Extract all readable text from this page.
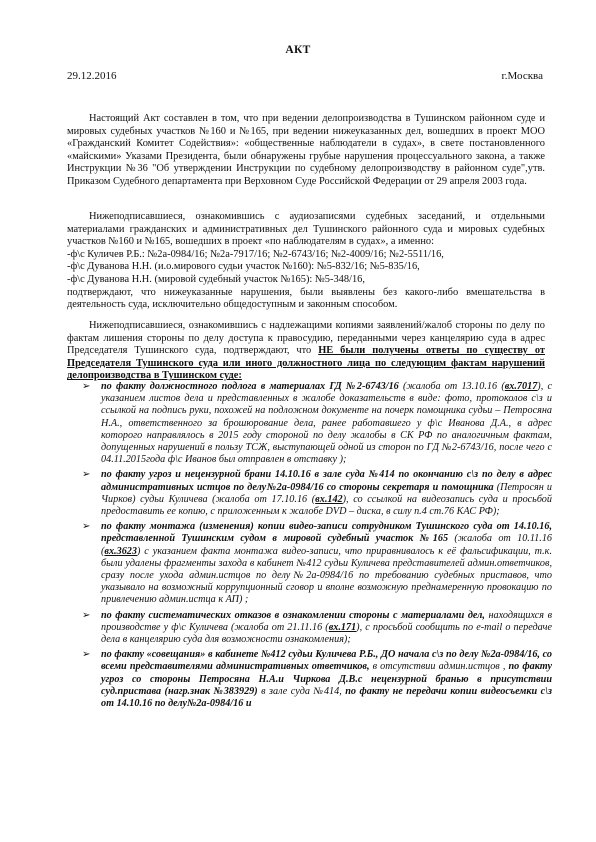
АКТ
29.12.2016	г.Москва

Настоящий Акт составлен в том, что при ведении делопроизводства в Тушинском районном суде и мировых судебных участков №160 и №165, при ведении нижеуказанных дел, вошедших в проект МОО «Гражданский Комитет Содействия»: «общественные наблюдатели в судах», в свете постановленного «майскими» Указами Президента, были обнаружены грубые нарушения процессуального закона, а также Инструкции №36 "Об утверждении Инструкции по судебному делопроизводству в районном суде",утв. Приказом Судебного департамента при Верховном Суде Российской Федерации от 29 апреля 2003 года.

Нижеподписавшиеся, ознакомившись с аудиозаписями судебных заседаний, и отдельными материалами гражданских и административных дел Тушинского районного суда и мировых судебных участков №160 и №165, вошедших в проект «по наблюдателям в судах», а именно:
-ф\с Куличев Р.Б.: №2а-0984/16; №2а-7917/16; №2-6743/16; №2-4009/16; №2-5511/16,
-ф\с Дуванова Н.Н. (и.о.мирового судьи участок №160): №5-832/16; №5-835/16,
-ф\с Дуванова Н.Н. (мировой судебный участок №165): №5-348/16,
подтверждают, что нижеуказанные нарушения, были выявлены без какого-либо вмешательства в деятельность суда, исключительно общедоступным и законным способом.

Нижеподписавшиеся, ознакомившись с надлежащими копиями заявлений/жалоб стороны по делу по фактам лишения стороны по делу доступа к правосудию, переданными через канцелярию суда в адрес Председателя Тушинского суда, подтверждают, что НЕ были получены ответы по существу от Председателя Тушинского суда или иного должностного лица по следующим фактам нарушений делопроизводства в Тушинском суде:

➢ по факту должностного подлога в материалах ГД №2-6743/16 (жалоба от 13.10.16 (вх.7017), с указанием листов дела и представленных в жалобе доказательств в виде: фото, протоколов с\з и ссылкой на подпись руки, похожей на подложном документе на почерк помощника судьи – Петросяна Н.А., ответственного за брошюрование дела, ранее работавшего у ф\с Иванова Д.А., в адрес которого направлялось в 2015 году стороной по делу жалобы в СК РФ по аналогичным фактам, допущенных нарушений в пользу ТСЖ, выступающей одной из сторон по ГД №2-6743/16, после чего с 04.11.2015года ф\с Иванов был отправлен в отставку );
➢ по факту угроз и нецензурной брани 14.10.16 в зале суда №414 по окончанию с\з по делу в адрес административных истцов по делу№2а-0984/16 со стороны секретаря и помощника (Петросян и Чирков) судьи Куличева (жалоба от 17.10.16 (вх.142), со ссылкой на видеозапись суда и просьбой предоставить ее копию, с приложенным к жалобе DVD – диска, в силу п.4 ст.76 КАС РФ);
➢ по факту монтажа (изменения) копии видео-записи сотрудником Тушинского суда от 14.10.16, представленной Тушинским судом в мировой судебный участок №165 (жалоба от 10.11.16 (вх.3623) с указанием факта монтажа видео-записи, что приравнивалось к её фальсификации, т.к. были удалены фрагменты захода в кабинет №412 судьи Куличева представителей админ.ответчиков, сразу после ухода админ.истцов по делу№2а-0984/16 по требованию судебных приставов, что указывало на возможный коррупционный сговор и вполне возможную преднамеренную провокацию по привлечению админ.истца к АП) ;
➢ по факту систематических отказов в ознакомлении стороны с материалами дел, находящихся в производстве у ф\с Куличева (жалоба от 21.11.16 (вх.171), с просьбой сообщить по e-mail о передаче дела в канцелярию суда для возможности ознакомления);
➢ по факту «совещания» в кабинете №412 судьи Куличева Р.Б., ДО начала с\з по делу №2а-0984/16, со всеми представителями административных ответчиков, в отсутствии админ.истцов , по факту угроз со стороны Петросяна Н.А.и Чиркова Д.В.с нецензурной бранью в присутствии суд.пристава (нагр.знак №383929) в зале суда №414, по факту не передачи копии видеосъемки с\з от 14.10.16 по делу№2а-0984/16 и
